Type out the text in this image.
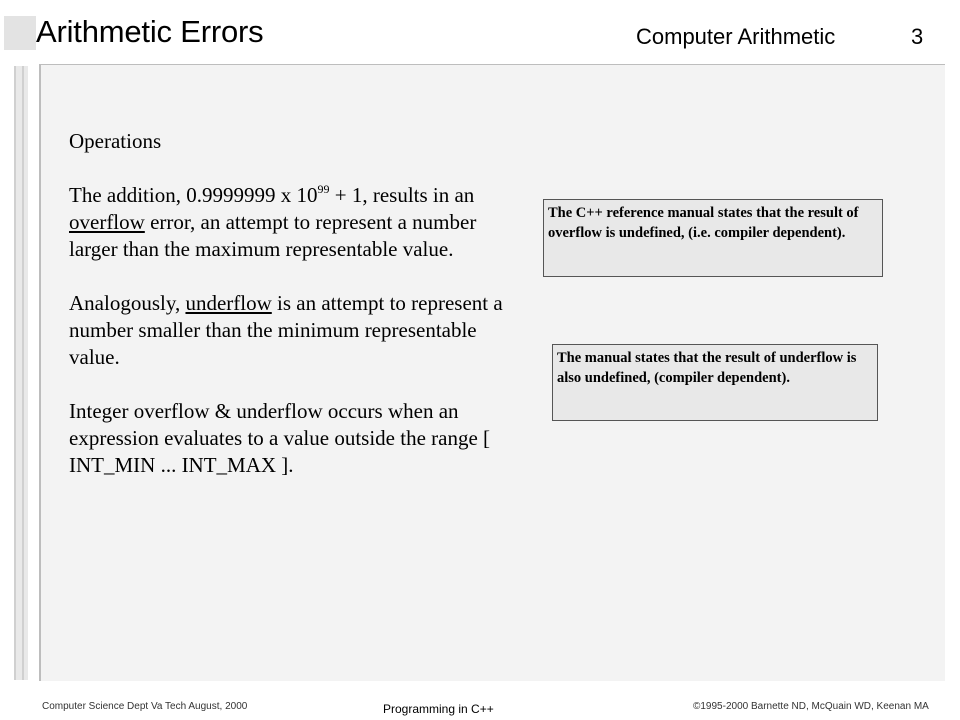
Arithmetic Errors	Computer Arithmetic	3

Operations

The addition, 0.9999999 x $10^{99} + 1$, results in an overflow error, an attempt to represent a number larger than the maximum representable value.

Analogously, underflow is an attempt to represent a number smaller than the minimum representable value.

Integer overflow & underflow occurs when an expression evaluates to a value outside the range [ INT_MIN ... INT_MAX ].

The C++ reference manual states that the result of overflow is undefined, (i.e. compiler dependent).
The manual states that the result of underflow is also undefined, (compiler dependent).
Computer Science Dept Va Tech August, 2000	Programming in C++	©1995-2000 Barnette ND, McQuain WD, Keenan MA
